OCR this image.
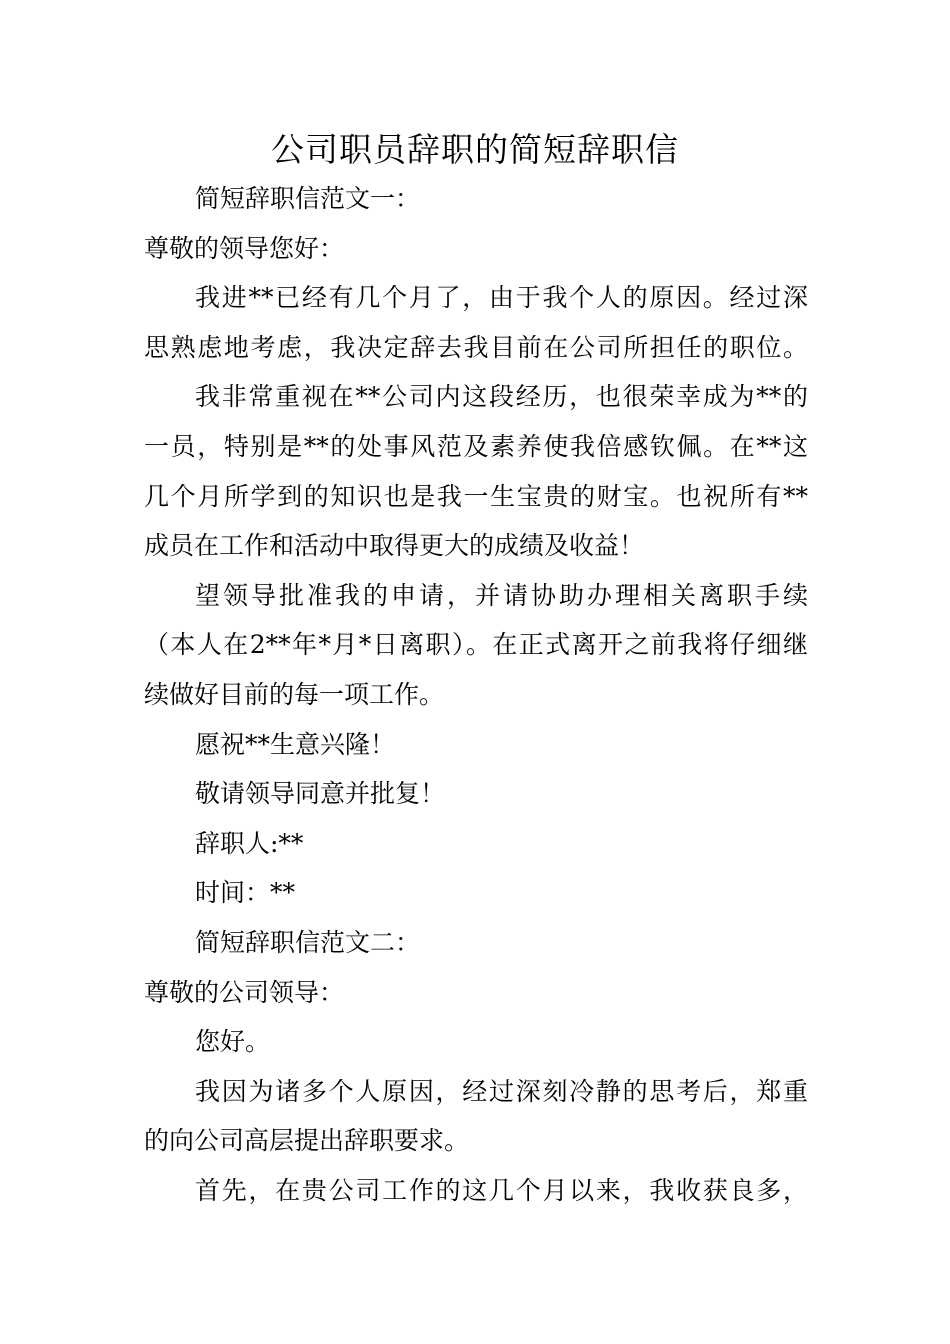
公司职员辞职的简短辞职信

简短辞职信范文一：

尊敬的领导您好：

我进**已经有几个月了，由于我个人的原因。经过深

思熟虑地考虑，我决定辞去我目前在公司所担任的职位。

我非常重视在**公司内这段经历，也很荣幸成为**的

一员，特别是**的处事风范及素养使我倍感钦佩。在**这

几个月所学到的知识也是我一生宝贵的财宝。也祝所有**

成员在工作和活动中取得更大的成绩及收益！

望领导批准我的申请，并请协助办理相关离职手续

（本人在2**年*月*日离职）。在正式离开之前我将仔细继

续做好目前的每一项工作。

愿祝**生意兴隆！

敬请领导同意并批复！

辞职人:**

时间：**

简短辞职信范文二：

尊敬的公司领导：

您好。

我因为诸多个人原因，经过深刻冷静的思考后，郑重

的向公司高层提出辞职要求。

首先，在贵公司工作的这几个月以来，我收获良多，
